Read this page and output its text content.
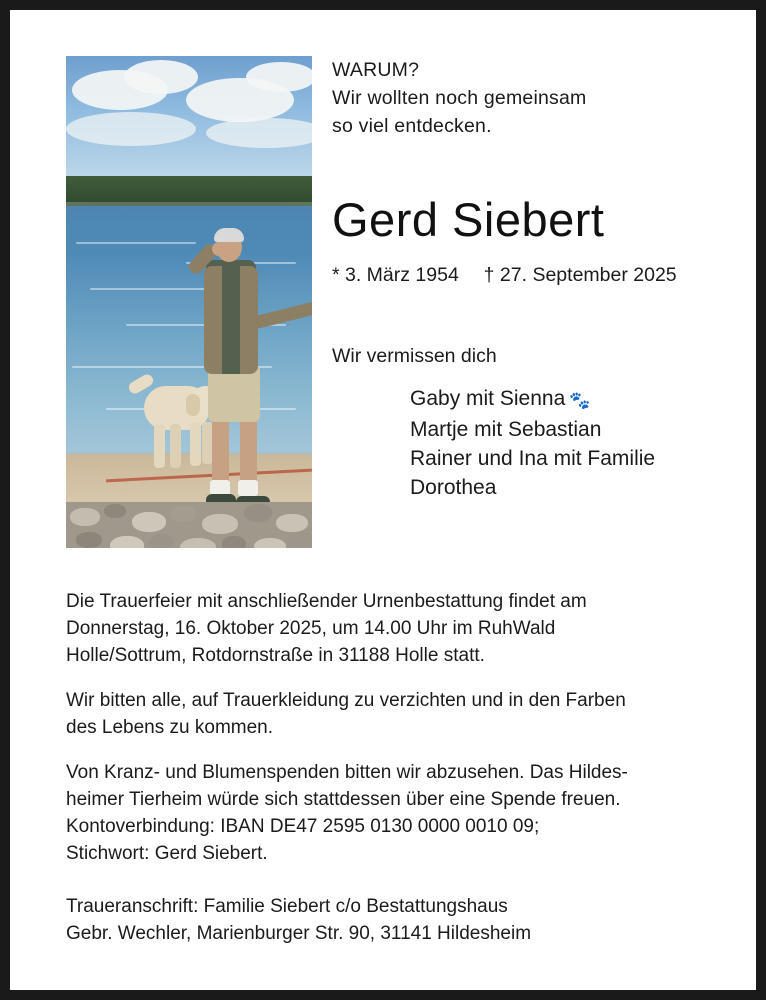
WARUM?
Wir wollten noch gemeinsam
so viel entdecken.
Gerd Siebert
* 3. März 1954 † 27. September 2025
Wir vermissen dich
Gaby mit Sienna 🐾
Martje mit Sebastian
Rainer und Ina mit Familie
Dorothea

Die Trauerfeier mit anschließender Urnenbestattung findet am

Donnerstag, 16. Oktober 2025, um 14.00 Uhr im RuhWald

Holle/Sottrum, Rotdornstraße in 31188 Holle statt.

Wir bitten alle, auf Trauerkleidung zu verzichten und in den Farben

des Lebens zu kommen.

Von Kranz- und Blumenspenden bitten wir abzusehen. Das Hildes-

heimer Tierheim würde sich stattdessen über eine Spende freuen.

Kontoverbindung: IBAN DE47 2595 0130 0000 0010 09;

Stichwort: Gerd Siebert.

Traueranschrift: Familie Siebert c/o Bestattungshaus

Gebr. Wechler, Marienburger Str. 90, 31141 Hildesheim
